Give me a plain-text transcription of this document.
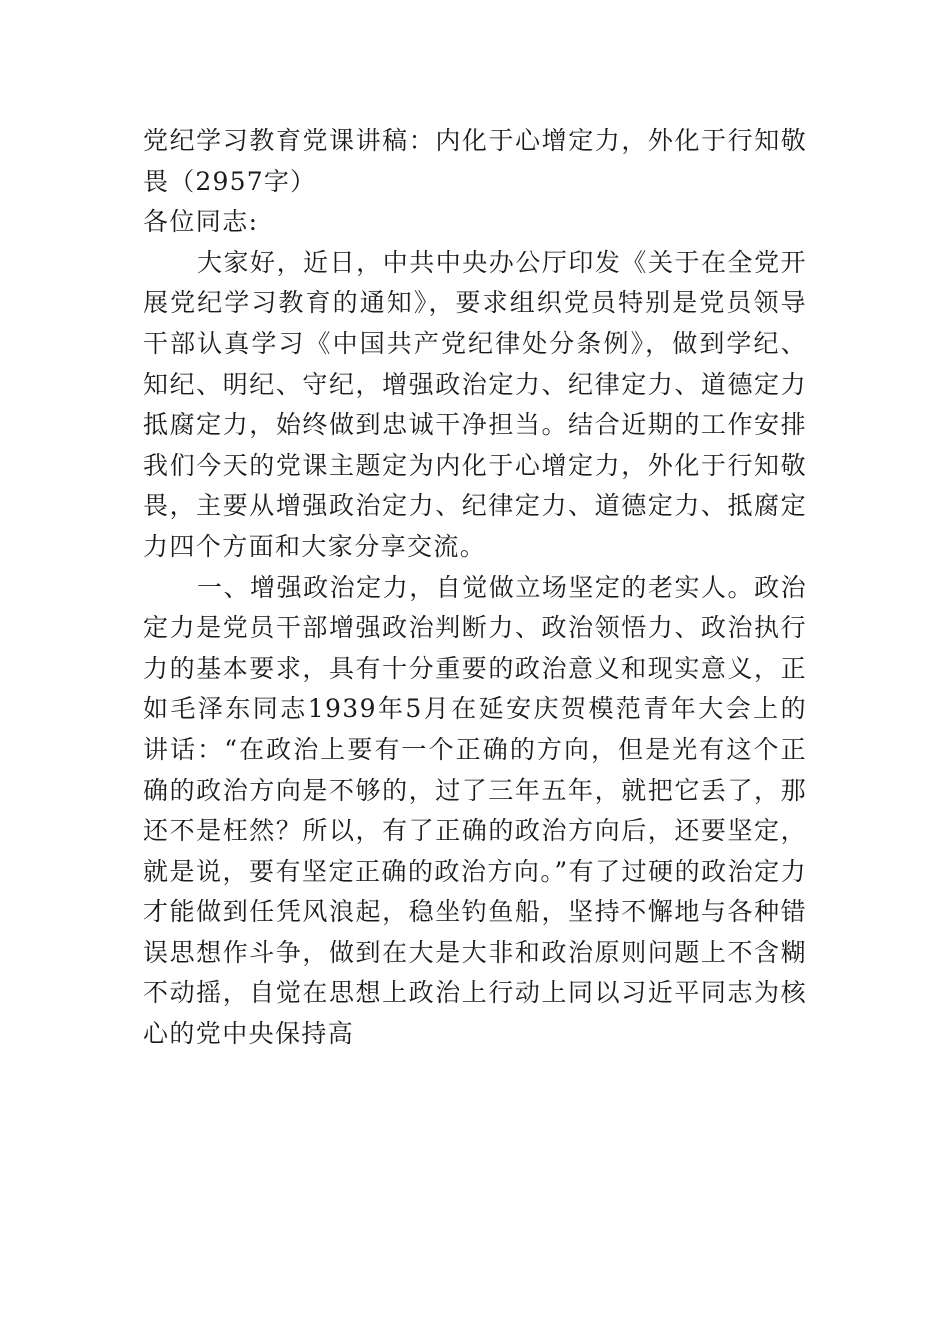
党纪学习教育党课讲稿：内化于心增定力，外化于行知敬畏（2957字）

各位同志:

大家好，近日，中共中央办公厅印发《关于在全党开展党纪学习教育的通知》，要求组织党员特别是党员领导干部认真学习《中国共产党纪律处分条例》，做到学纪、知纪、明纪、守纪，增强政治定力、纪律定力、道德定力抵腐定力，始终做到忠诚干净担当。结合近期的工作安排我们今天的党课主题定为内化于心增定力，外化于行知敬畏，主要从增强政治定力、纪律定力、道德定力、抵腐定力四个方面和大家分享交流。

一、增强政治定力，自觉做立场坚定的老实人。政治定力是党员干部增强政治判断力、政治领悟力、政治执行力的基本要求，具有十分重要的政治意义和现实意义，正如毛泽东同志1939年5月在延安庆贺模范青年大会上的讲话：“在政治上要有一个正确的方向，但是光有这个正确的政治方向是不够的，过了三年五年，就把它丢了，那还不是枉然？所以，有了正确的政治方向后，还要坚定，就是说，要有坚定正确的政治方向。”有了过硬的政治定力才能做到任凭风浪起，稳坐钓鱼船，坚持不懈地与各种错误思想作斗争，做到在大是大非和政治原则问题上不含糊不动摇，自觉在思想上政治上行动上同以习近平同志为核心的党中央保持高
